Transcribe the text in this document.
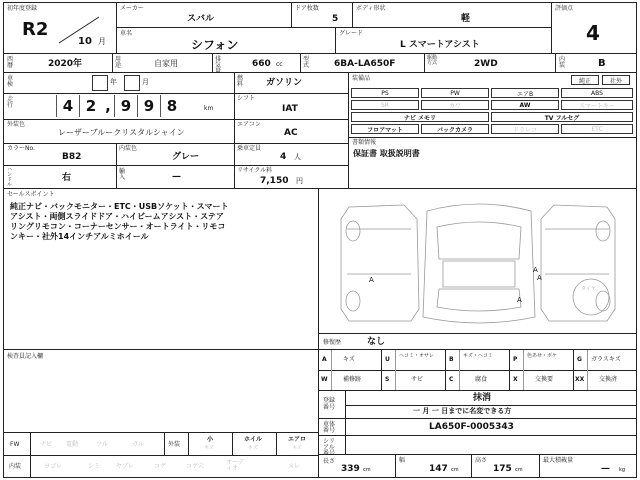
初年度登録
R2
10 月
メーカー
スバル
ドア枚数
5
ボディ形状
軽
評価点
4
車名
シフォン
グレード
L スマートアシスト
西暦	2020年	用途	自家用	排気	660 cc
型式	6BA-LA650F
駆動方式	2WD	内装	B
車検	年	月	燃料	ガソリン
走行	4 2 , 9 9 8	km
シフト
IAT
外装色
レーザーブルークリスタルシャイン
エアコン
AC
カラーNo.
B82
内装色
グレー
乗車定員
4 人
ハンドル
右
輸入	—
リサイクル料
7,150 円
装備品	純正	社外
PS	PW	エアB	ABS
SR	カワ	AW	スマートキー
ナビ メモリ	TV フルセグ
フロアマット	バックカメラ	ドラレコ	ETC
書類情報
保証書 取扱説明書
セールスポイント
純正ナビ・バックモニター・ETC・USBソケット・スマート
アシスト・両側スライドドア・ハイビームアシスト・ステア
リングリモコン・コーナーセンサー・オートライト・リモコ
ンキー・社外14インチアルミホイール
検査員記入欄
A
A
A
A
タイヤ
修復歴	なし
A	キズ	U ヘコミ・オサレ	B キズ・ヘコミ	P 色あせ・ボケ	G ガラスキズ
W	補修跡	S	サビ	C	腐食	X	交換要	XX 交換済
登録番号
抹消
一 月 一 日までに名変できる方
車体番号	LA650F-0005343
シリアル
FW	ナビ 電動	ツル	ガル	外装
小
キズ
ホイル
キズ
エアロ
キズ
内装	ヨゴレ	シミ	ヤブレ	コゲ	コゲ穴
オーディオ	ヌレ
長さ
339 cm
幅
147 cm
高さ
175 cm
最大積載量
— kg
